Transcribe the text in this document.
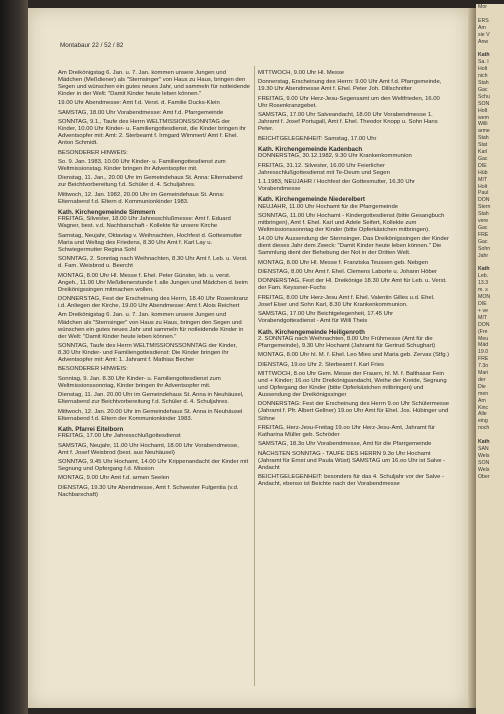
Mor

ERS
Am
sie V
Anw

Kath
Sa. I
Holt
nich
Stah
Gac
Schu
SON
Holt
wem
Willi
arme
Stah
Stat
Karl
Gac
DIE
Hüb
MIT
Holt
Paul
DON
Stern
Stah
vere
Gac
FRE
Gac
Sohn
Jahr

Kath
Leb.
13.3
m. s
MON
DIE
+ ve
MIT
DON
(Fre
Meu
Mäd
19.0
FRE
7.3o
Mari
der
Die
men
Am
Kinc
Alle
eing
noch

Kath
SAN
Wels
SON
Wels
Ober
Montabaur 22 / 52 / 82

Am Dreikönigstag 6. Jan. u. 7. Jan. kommen unsere Jungen und Mädchen (Meßdiener) als "Sternsinger" von Haus zu Haus, bringen den Segen und wünschen ein gutes neues Jahr, und sammeln für notleidende Kinder in der Welt: "Damit Kinder heute leben können."

19.00 Uhr Abendmesse: Amt f.d. Verst. d. Familie Ducks-Klein

SAMSTAG, 18.00 Uhr Vorabendmesse: Amt f.d. Pfarrgemeinde

SONNTAG, 9.1., Taufe des Herrn WELTMISSIONSSONNTAG der Kinder, 10.00 Uhr Kinder- u. Familiengottesdienst, die Kinder bringen ihr Adventsopfer mit: Amt: 2. Sterbeamt f. Irmgard Wimmert/ Amt f. Ehel. Anton Schmidt.

BESONDERER HINWEIS:

So. 9. Jan. 1983, 10.00 Uhr Kinder- u. Familiengottesdienst zum Weltmissionstag. Kinder bringen ihr Adventsopfer mit.

Dienstag, 11. Jan., 20.00 Uhr im Gemeindehaus St. Anna: Elternabend zur Beichtvorbereitung f.d. Schüler d. 4. Schuljahres.

Mittwoch, 12. Jan. 1982, 20.00 Uhr im Gemeindehaus St. Anna: Elternabend f.d. Eltern d. Kommunionkinder 1983.

Kath. Kirchengemeinde Simmern

FREITAG, Silvester, 18.00 Uhr Jahresschlußmesse: Amt f. Eduard Wagner, best. v.d. Nachbarschaft - Kollekte für unsere Kirche

Samstag, Neujahr, Oktavtag v. Weihnachten, Hochfest d. Gottesmutter Maria und Weltag des Friedens, 8.30 Uhr Amt f. Karl Lay u. Schwiegermutter Regina Sohl

SONNTAG, 2. Sonntag nach Weihnachten, 8.30 Uhr Amt f. Leb. u. Verst. d. Fam. Weisbrod u. Beercht

MONTAG, 8.00 Uhr Hl. Messe f. Ehel. Peter Günster, leb. u. verst. Angeh., 11.00 Uhr Meßdienerstunde f. alle Jungen und Mädchen d. beim Dreikönigssingen mitmachen wollen.

DONNERSTAG, Fest der Erscheinung des Herrn, 18.40 Uhr Rosenkranz i.d. Anliegen der Kirche, 19.00 Uhr Abendmesse: Amt f. Alois Reichert

Am Dreikönigstag 6. Jan. u. 7. Jan. kommen unsere Jungen und Mädchen als "Sternsinger" von Haus zu Haus, bringen den Segen und wünschen ein gutes neues Jahr und sammeln für notleidende Kinder in der Welt: "Damit Kinder heute leben können."

SONNTAG, Taufe des Herrn WELTMISSIONSSONNTAG der Kinder, 8.30 Uhr Kinder- und Familiengottesdienst: Die Kinder bringen ihr Adventsopfer mit: Amt: 1. Jahramt f. Mathias Becher

BESONDERER HINWEIS:

Sonntag, 9. Jan. 8.30 Uhr Kinder- u. Familiengottesdienst zum Weltmissionssonntag, Kinder bringen ihr Adventsopfer mit.

Dienstag, 11. Jan. 20.00 Uhr im Gemeindehaus St. Anna in Neuhäusel, Elternabend zur Beichtvorbereitung f.d. Schüler d. 4. Schuljahres.

Mittwoch, 12. Jan. 20.00 Uhr im Gemeindehaus St. Anna in Neuhäusel Elternabend f.d. Eltern der Kommunionkinder 1983.

Kath. Pfarrei Eitelborn

FREITAG, 17.00 Uhr Jahresschlußgottesdienst

SAMSTAG, Neujahr, 11.00 Uhr Hochamt, 18.00 Uhr Vorabendmesse, Amt f. Josef Weisbrod (best. aus Neuhäusel)

SONNTAG, 9.45 Uhr Hochamt, 14.00 Uhr Krippenandacht der Kinder mit Segnung und Opfergang f.d. Mission

MONTAG, 9.00 Uhr Amt f.d. armen Seelen

DIENSTAG, 19.30 Uhr Abendmesse, Amt f. Schwester Fulgentia (v.d. Nachbarschaft)

MITTWOCH, 9.00 Uhr Hl. Messe

Donnerstag, Erscheinung des Herrn: 9.00 Uhr Amt f.d. Pfarrgemeinde, 19.30 Uhr Abendmesse Amt f. Ehel. Peter Joh. Dillschnitter

FREITAG, 9.00 Uhr Herz-Jesu-Segensamt um den Weltfrieden, 16.00 Uhr Rosenkranzgebet.

SAMSTAG, 17.00 Uhr Salveandacht, 18.00 Uhr Vorabendmesse 1. Jahramt f. Josef Portugall, Amt f. Ehel. Theodor Knopp u. Sohn Hans Peter.

BEICHTGELEGENHEIT: Samstag, 17.00 Uhr

Kath. Kirchengemeinde Kadenbach

DONNERSTAG, 30.12.1982, 9.30 Uhr Krankenkommunion

FREITAG, 31.12. Silvester, 16.00 Uhr Feierlicher Jahresschlußgottesdienst mit Te-Deum und Segen

1.1.1983, NEUJAHR / Hochfest der Gottesmutter, 16.30 Uhr Vorabendmesse

Kath. Kirchengemeinde Niederelbert

NEUJAHR, 11.00 Uhr Hochamt für die Pfarrgemeinde

SONNTAG, 11.00 Uhr Hochamt - Kindergottesdienst (bitte Gesangbuch mitbringen), Amt f. Ehel. Karl und Adele Seifert, Kollekte zum Weltmissionssonntag der Kinder (bitte Opferkästchen mitbringen).

14.00 Uhr Aussendung der Sternsinger. Das Dreikönigssingen der Kinder dient dieses Jahr dem Zweck: "Damit Kinder heute leben können." Die Sammlung dient der Behebung der Not in der Dritten Welt.

MONTAG, 8.00 Uhr Hl. Messe f. Franziska Teussen geb. Nebgen

DIENSTAG, 8.00 Uhr Amt f. Ehel. Clemens Laborte u. Johann Höber

DONNERSTAG, Fest der Hl. Dreikönige 18.30 Uhr Amt für Leb. u. Verst. der Fam. Keyssner-Fuchs

FREITAG, 8.00 Uhr Herz-Jesu Amt f. Ehel. Valentin Gilles u.d. Ehel. Josef Elser und Sohn Karl, 8.30 Uhr Krankenkommunion.

SAMSTAG, 17.00 Uhr Beichtgelegenheit, 17.45 Uhr Vorabendgottesdienst - Amt für Willi Theis

Kath. Kirchengemeinde Heiligenroth

2. SONNTAG nach Weihnachten, 8.00 Uhr Frühmesse (Amt für die Pfarrgemeinde), 9.30 Uhr Hochamt (Jahramt für Gertrud Schughart)

MONTAG, 8.00 Uhr hl. M. f. Ehel. Leo Mies und Maria geb. Zervas (Stfg.)

DIENSTAG, 19.oo Uhr 2. Sterbeamt f. Karl Fries

MITTWOCH, 8.oo Uhr Gem. Messe der Frauen, hl. M. f. Balthasar Fein und + Kinder; 16.oo Uhr Dreikönigsandacht, Weihe der Kreide, Segnung und Opfergang der Kinder (bitte Opferkästchen mitbringen) und Aussendung der Dreikönigssinger

DONNERSTAG: Fest der Erscheinung des Herrn 9.oo Uhr Schülermesse (Jahramt f. Pfr. Albert Gellner) 19.oo Uhr Amt für Ehel. Jos. Hübinger und Söhne

FREITAG, Herz-Jesu-Freitag 19.oo Uhr Herz-Jesu-Amt, Jahramt für Katharina Müller geb. Schröder

SAMSTAG, 18.3o Uhr Vorabendmesse, Amt für die Pfarrgemeinde

NÄCHSTEN SONNTAG - TAUFE DES HERRN 9.3o Uhr Hochamt (Jahramt für Ernst und Paula Wüst) SAMSTAG um 16.oo Uhr ist Salve - Andacht

BEICHTGELEGENHEIT: besonders für das 4. Schuljahr vor der Salve - Andacht, ebenso ist Beichte nach der Vorabendmesse
